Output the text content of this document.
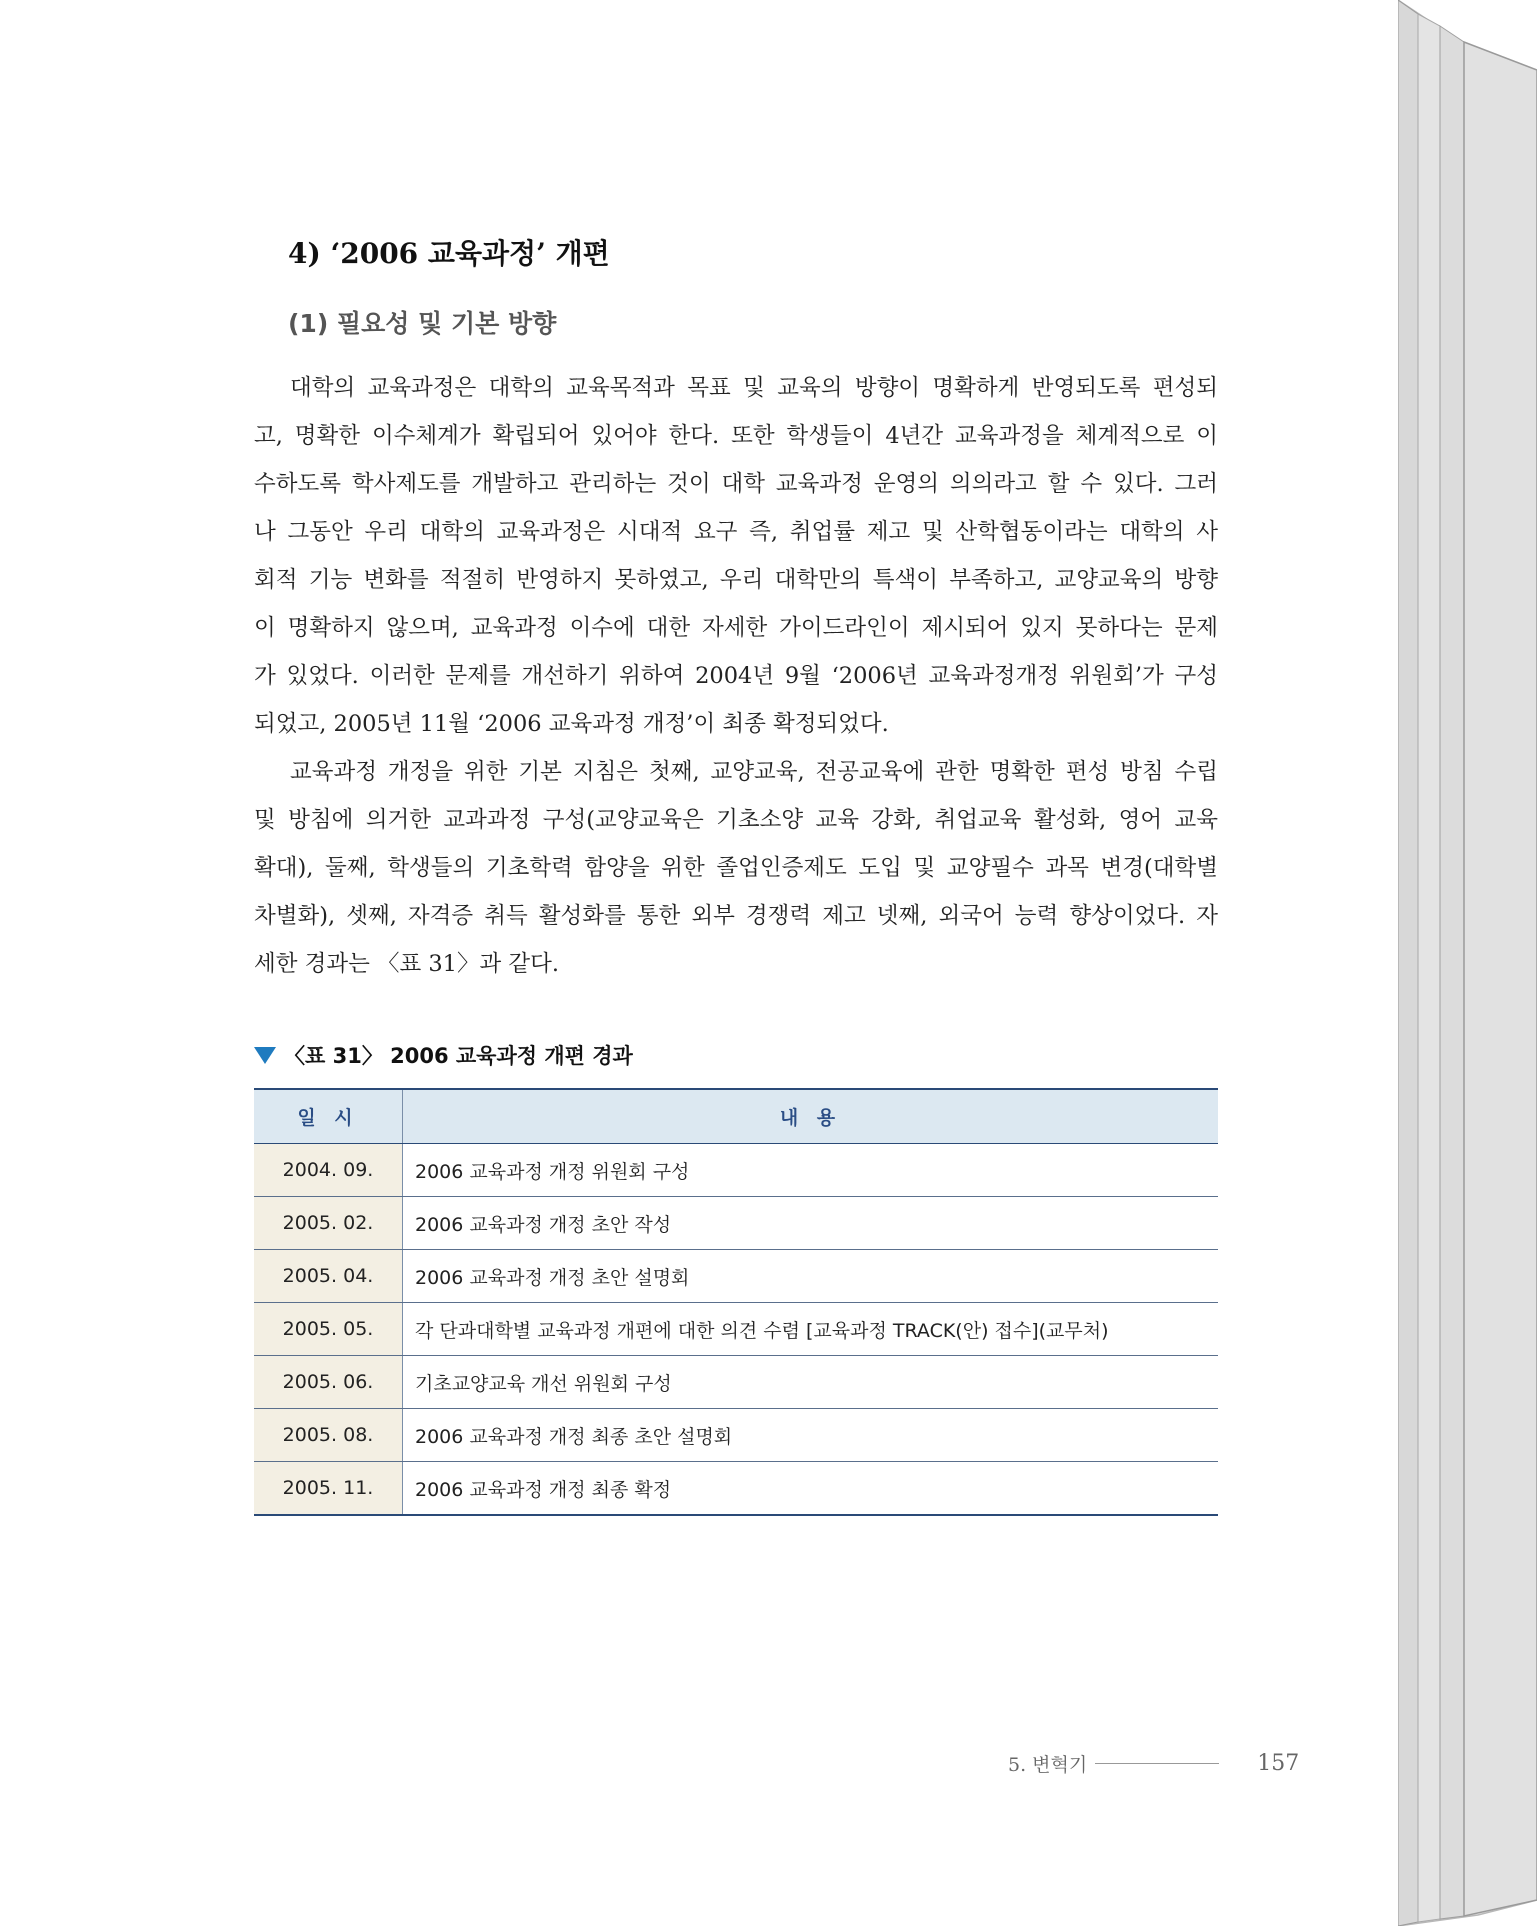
4) ‘2006 교육과정’ 개편
(1) 필요성 및 기본 방향
대학의 교육과정은 대학의 교육목적과 목표 및 교육의 방향이 명확하게 반영되도록 편성되
고, 명확한 이수체계가 확립되어 있어야 한다. 또한 학생들이 4년간 교육과정을 체계적으로 이
수하도록 학사제도를 개발하고 관리하는 것이 대학 교육과정 운영의 의의라고 할 수 있다. 그러
나 그동안 우리 대학의 교육과정은 시대적 요구 즉, 취업률 제고 및 산학협동이라는 대학의 사
회적 기능 변화를 적절히 반영하지 못하였고, 우리 대학만의 특색이 부족하고, 교양교육의 방향
이 명확하지 않으며, 교육과정 이수에 대한 자세한 가이드라인이 제시되어 있지 못하다는 문제
가 있었다. 이러한 문제를 개선하기 위하여 2004년 9월 ‘2006년 교육과정개정 위원회’가 구성
되었고, 2005년 11월 ‘2006 교육과정 개정’이 최종 확정되었다.
교육과정 개정을 위한 기본 지침은 첫째, 교양교육, 전공교육에 관한 명확한 편성 방침 수립
및 방침에 의거한 교과과정 구성(교양교육은 기초소양 교육 강화, 취업교육 활성화, 영어 교육
확대), 둘째, 학생들의 기초학력 함양을 위한 졸업인증제도 도입 및 교양필수 과목 변경(대학별
차별화), 셋째, 자격증 취득 활성화를 통한 외부 경쟁력 제고 넷째, 외국어 능력 향상이었다. 자
세한 경과는 〈표 31〉과 같다.
〈표 31〉 2006 교육과정 개편 경과
일 시	내 용
2004. 09.	2006 교육과정 개정 위원회 구성
2005. 02.	2006 교육과정 개정 초안 작성
2005. 04.	2006 교육과정 개정 초안 설명회
2005. 05.	각 단과대학별 교육과정 개편에 대한 의견 수렴 [교육과정 TRACK(안) 접수](교무처)
2005. 06.	기초교양교육 개선 위원회 구성
2005. 08.	2006 교육과정 개정 최종 초안 설명회
2005. 11.	2006 교육과정 개정 최종 확정
5. 변혁기	157
